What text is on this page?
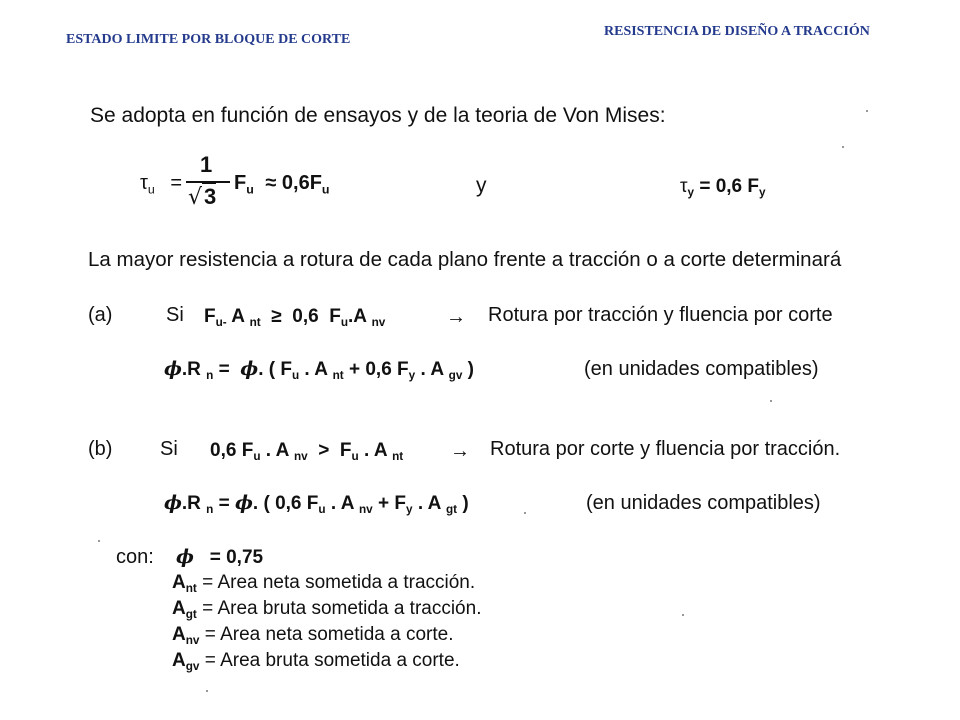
ESTADO LIMITE POR BLOQUE DE CORTE
RESISTENCIA DE DISEÑO A TRACCIÓN
Se adopta en función de ensayos y de la teoria de Von Mises:
$\tau_u$ =
1
√3
$F_u \approx 0,6F_u$	y	$\tau_y = 0,6$ $F_y$
La mayor resistencia a rotura de cada plano frente a tracción o a corte determinará
(a)	Si $F_{u-}$ A $_{nt}$  ≥  0,6  $F_u.A$ $_{nv}$	→ Rotura por tracción y fluencia por corte
ϕ.R $_n$ =  ϕ. ( $F_u$ . A $_{nt}$ + 0,6 $F_y$ . A $_{gv}$ )	(en unidades compatibles)
(b) Si 0,6 $F_u$ . A $_{nv} > F_u$ . A $_{nt}$ → Rotura por corte y fluencia por tracción.
ϕ.R $_n$ = ϕ. ( 0,6 $F_u$ . A $_{nv} + F_y$ . A $_{gt}$ )	(en unidades compatibles)
con: ϕ = 0,75
$A_{nt}$ = Area neta sometida a tracción.
$A_{gt}$ = Area bruta sometida a tracción.
$A_{nv}$ = Area neta sometida a corte.
$A_{gv}$ = Area bruta sometida a corte.
